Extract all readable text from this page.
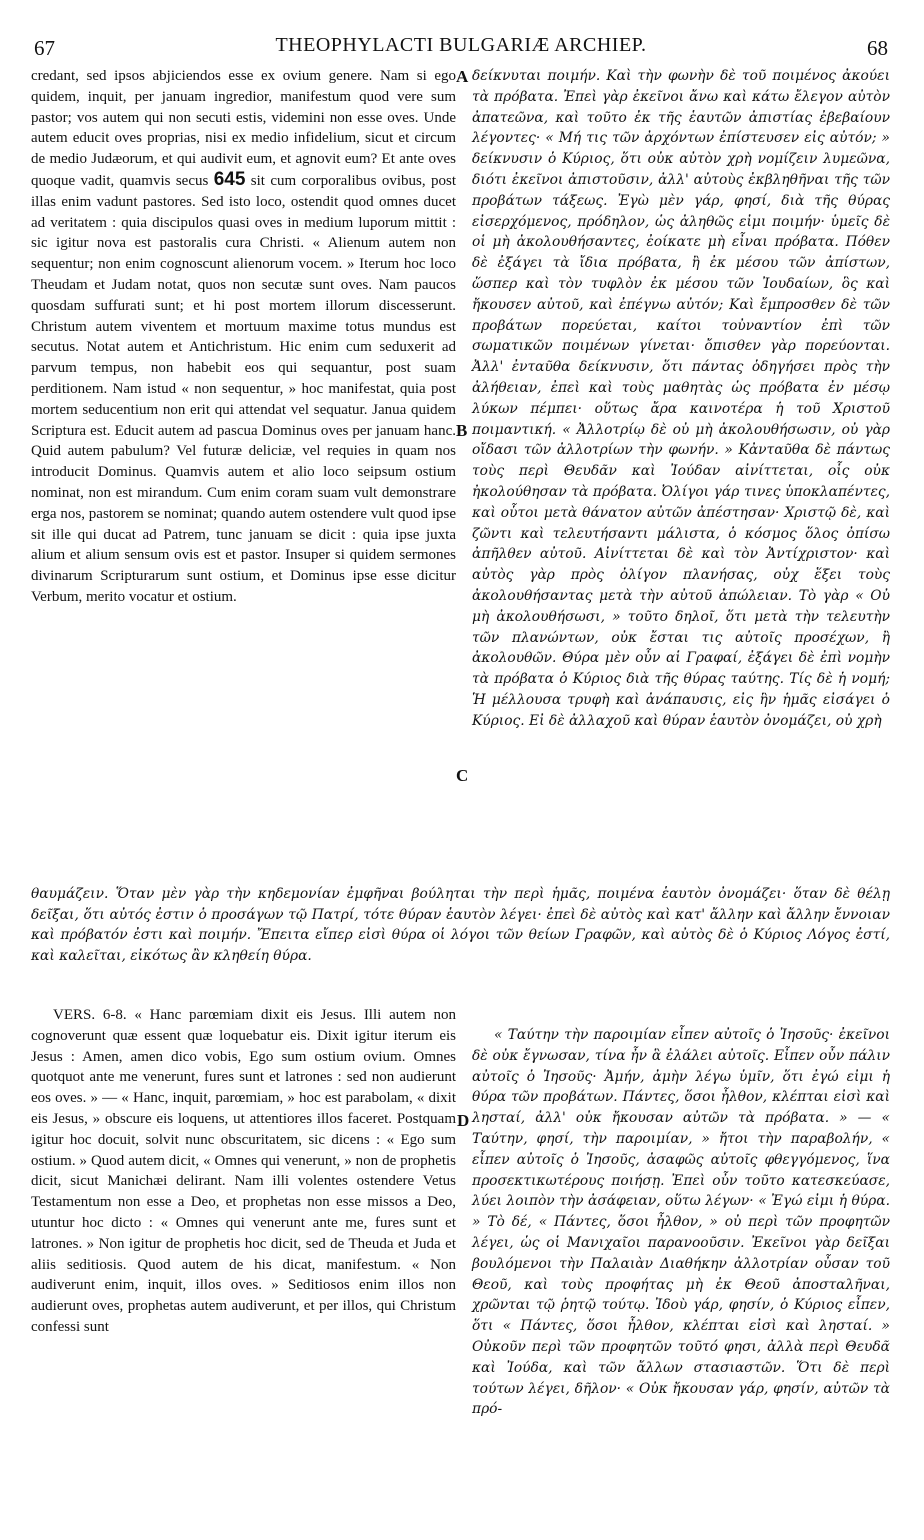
67	THEOPHYLACTI BULGARIÆ ARCHIEP.	68

credant, sed ipsos abjiciendos esse ex ovium genere. Nam si ego quidem, inquit, per januam ingredior, manifestum quod vere sum pastor; vos autem qui non secuti estis, videmini non esse oves. Unde autem educit oves proprias, nisi ex medio infidelium, sicut et circum de medio Judæorum, et qui audivit eum, et agnovit eum? Et ante oves quoque vadit, quamvis secus 645 sit cum corporalibus ovibus, post illas enim vadunt pastores. Sed isto loco, ostendit quod omnes ducet ad veritatem : quia discipulos quasi oves in medium luporum mittit : sic igitur nova est pastoralis cura Christi. « Alienum autem non sequentur; non enim cognoscunt alienorum vocem. » Iterum hoc loco Theudam et Judam notat, quos non secutæ sunt oves. Nam paucos quosdam suffurati sunt; et hi post mortem illorum discesserunt. Christum autem viventem et mortuum maxime totus mundus est secutus. Notat autem et Antichristum. Hic enim cum seduxerit ad parvum tempus, non habebit eos qui sequantur, post suam perditionem. Nam istud « non sequentur, » hoc manifestat, quia post mortem seducentium non erit qui attendat vel sequatur. Janua quidem Scriptura est. Educit autem ad pascua Dominus oves per januam hanc. Quid autem pabulum? Vel futuræ deliciæ, vel requies in quam nos introducit Dominus. Quamvis autem et alio loco seipsum ostium nominat, non est mirandum. Cum enim coram suam vult demonstrare erga nos, pastorem se nominat; quando autem ostendere vult quod ipse sit ille qui ducat ad Patrem, tunc januam se dicit : quia ipse juxta alium et alium sensum ovis est et pastor. Insuper si quidem sermones divinarum Scripturarum sunt ostium, et Dominus ipse esse dicitur Verbum, merito vocatur et ostium.

A
B
C
D

δείκνυται ποιμήν. Καὶ τὴν φωνὴν δὲ τοῦ ποιμένος ἀκούει τὰ πρόβατα. Ἐπεὶ γὰρ ἐκεῖνοι ἄνω καὶ κάτω ἔλεγον αὐτὸν ἀπατεῶνα, καὶ τοῦτο ἐκ τῆς ἑαυτῶν ἀπιστίας ἐβεβαίουν λέγοντες· « Μή τις τῶν ἀρχόντων ἐπίστευσεν εἰς αὐτόν; » δείκνυσιν ὁ Κύριος, ὅτι οὐκ αὐτὸν χρὴ νομίζειν λυμεῶνα, διότι ἐκεῖνοι ἀπιστοῦσιν, ἀλλ' αὐτοὺς ἐκβληθῆναι τῆς τῶν προβάτων τάξεως. Ἐγὼ μὲν γάρ, φησί, διὰ τῆς θύρας εἰσερχόμενος, πρόδηλον, ὡς ἀληθῶς εἰμι ποιμήν· ὑμεῖς δὲ οἱ μὴ ἀκολουθήσαντες, ἐοίκατε μὴ εἶναι πρόβατα. Πόθεν δὲ ἐξάγει τὰ ἴδια πρόβατα, ἢ ἐκ μέσου τῶν ἀπίστων, ὥσπερ καὶ τὸν τυφλὸν ἐκ μέσου τῶν Ἰουδαίων, ὃς καὶ ἤκουσεν αὐτοῦ, καὶ ἐπέγνω αὐτόν; Καὶ ἔμπροσθεν δὲ τῶν προβάτων πορεύεται, καίτοι τοὐναντίον ἐπὶ τῶν σωματικῶν ποιμένων γίνεται· ὄπισθεν γὰρ πορεύονται. Ἀλλ' ἐνταῦθα δείκνυσιν, ὅτι πάντας ὁδηγήσει πρὸς τὴν ἀλήθειαν, ἐπεὶ καὶ τοὺς μαθητὰς ὡς πρόβατα ἐν μέσῳ λύκων πέμπει· οὕτως ἄρα καινοτέρα ἡ τοῦ Χριστοῦ ποιμαντική. « Ἀλλοτρίῳ δὲ οὐ μὴ ἀκολουθήσωσιν, οὐ γὰρ οἴδασι τῶν ἀλλοτρίων τὴν φωνήν. » Κἀνταῦθα δὲ πάντως τοὺς περὶ Θευδᾶν καὶ Ἰούδαν αἰνίττεται, οἷς οὐκ ἠκολούθησαν τὰ πρόβατα. Ὀλίγοι γάρ τινες ὑποκλαπέντες, καὶ οὗτοι μετὰ θάνατον αὐτῶν ἀπέστησαν· Χριστῷ δὲ, καὶ ζῶντι καὶ τελευτήσαντι μάλιστα, ὁ κόσμος ὅλος ὀπίσω ἀπῆλθεν αὐτοῦ. Αἰνίττεται δὲ καὶ τὸν Ἀντίχριστον· καὶ αὐτὸς γὰρ πρὸς ὀλίγον πλανήσας, οὐχ ἕξει τοὺς ἀκολουθήσαντας μετὰ τὴν αὐτοῦ ἀπώλειαν. Τὸ γὰρ « Οὐ μὴ ἀκολουθήσωσι, » τοῦτο δηλοῖ, ὅτι μετὰ τὴν τελευτὴν τῶν πλανώντων, οὐκ ἔσται τις αὐτοῖς προσέχων, ἢ ἀκολουθῶν. Θύρα μὲν οὖν αἱ Γραφαί, ἐξάγει δὲ ἐπὶ νομὴν τὰ πρόβατα ὁ Κύριος διὰ τῆς θύρας ταύτης. Τίς δὲ ἡ νομή; Ἡ μέλλουσα τρυφὴ καὶ ἀνάπαυσις, εἰς ἣν ἡμᾶς εἰσάγει ὁ Κύριος. Εἰ δὲ ἀλλαχοῦ καὶ θύραν ἑαυτὸν ὀνομάζει, οὐ χρὴ

θαυμάζειν. Ὅταν μὲν γὰρ τὴν κηδεμονίαν ἐμφῆναι βούληται τὴν περὶ ἡμᾶς, ποιμένα ἑαυτὸν ὀνομάζει· ὅταν δὲ θέλῃ δεῖξαι, ὅτι αὐτός ἐστιν ὁ προσάγων τῷ Πατρί, τότε θύραν ἑαυτὸν λέγει· ἐπεὶ δὲ αὐτὸς καὶ κατ' ἄλλην καὶ ἄλλην ἔννοιαν καὶ πρόβατόν ἐστι καὶ ποιμήν. Ἔπειτα εἴπερ εἰσὶ θύρα οἱ λόγοι τῶν θείων Γραφῶν, καὶ αὐτὸς δὲ ὁ Κύριος Λόγος ἐστί, καὶ καλεῖται, εἰκότως ἂν κληθείη θύρα.

VERS. 6-8. « Hanc parœmiam dixit eis Jesus. Illi autem non cognoverunt quæ essent quæ loquebatur eis. Dixit igitur iterum eis Jesus : Amen, amen dico vobis, Ego sum ostium ovium. Omnes quotquot ante me venerunt, fures sunt et latrones : sed non audierunt eos oves. » — « Hanc, inquit, parœmiam, » hoc est parabolam, « dixit eis Jesus, » obscure eis loquens, ut attentiores illos faceret. Postquam igitur hoc docuit, solvit nunc obscuritatem, sic dicens : « Ego sum ostium. » Quod autem dicit, « Omnes qui venerunt, » non de prophetis dicit, sicut Manichæi delirant. Nam illi volentes ostendere Vetus Testamentum non esse a Deo, et prophetas non esse missos a Deo, utuntur hoc dicto : « Omnes qui venerunt ante me, fures sunt et latrones. » Non igitur de prophetis hoc dicit, sed de Theuda et Juda et aliis seditiosis. Quod autem de his dicat, manifestum. « Non audiverunt enim, inquit, illos oves. » Seditiosos enim illos non audierunt oves, prophetas autem audiverunt, et per illos, qui Christum confessi sunt

« Ταύτην τὴν παροιμίαν εἶπεν αὐτοῖς ὁ Ἰησοῦς· ἐκεῖνοι δὲ οὐκ ἔγνωσαν, τίνα ἦν ἃ ἐλάλει αὐτοῖς. Εἶπεν οὖν πάλιν αὐτοῖς ὁ Ἰησοῦς· Ἀμήν, ἀμὴν λέγω ὑμῖν, ὅτι ἐγώ εἰμι ἡ θύρα τῶν προβάτων. Πάντες, ὅσοι ἦλθον, κλέπται εἰσὶ καὶ λησταί, ἀλλ' οὐκ ἤκουσαν αὐτῶν τὰ πρόβατα. » — « Ταύτην, φησί, τὴν παροιμίαν, » ἤτοι τὴν παραβολήν, « εἶπεν αὐτοῖς ὁ Ἰησοῦς, ἀσαφῶς αὐτοῖς φθεγγόμενος, ἵνα προσεκτικωτέρους ποιήσῃ. Ἐπεὶ οὖν τοῦτο κατεσκεύασε, λύει λοιπὸν τὴν ἀσάφειαν, οὕτω λέγων· « Ἐγώ εἰμι ἡ θύρα. » Τὸ δέ, « Πάντες, ὅσοι ἦλθον, » οὐ περὶ τῶν προφητῶν λέγει, ὡς οἱ Μανιχαῖοι παρανοοῦσιν. Ἐκεῖνοι γὰρ δεῖξαι βουλόμενοι τὴν Παλαιὰν Διαθήκην ἀλλοτρίαν οὖσαν τοῦ Θεοῦ, καὶ τοὺς προφήτας μὴ ἐκ Θεοῦ ἀποσταλῆναι, χρῶνται τῷ ῥητῷ τούτῳ. Ἰδοὺ γάρ, φησίν, ὁ Κύριος εἶπεν, ὅτι « Πάντες, ὅσοι ἦλθον, κλέπται εἰσὶ καὶ λησταί. » Οὐκοῦν περὶ τῶν προφητῶν τοῦτό φησι, ἀλλὰ περὶ Θευδᾶ καὶ Ἰούδα, καὶ τῶν ἄλλων στασιαστῶν. Ὅτι δὲ περὶ τούτων λέγει, δῆλον· « Οὐκ ἤκουσαν γάρ, φησίν, αὐτῶν τὰ πρό-
